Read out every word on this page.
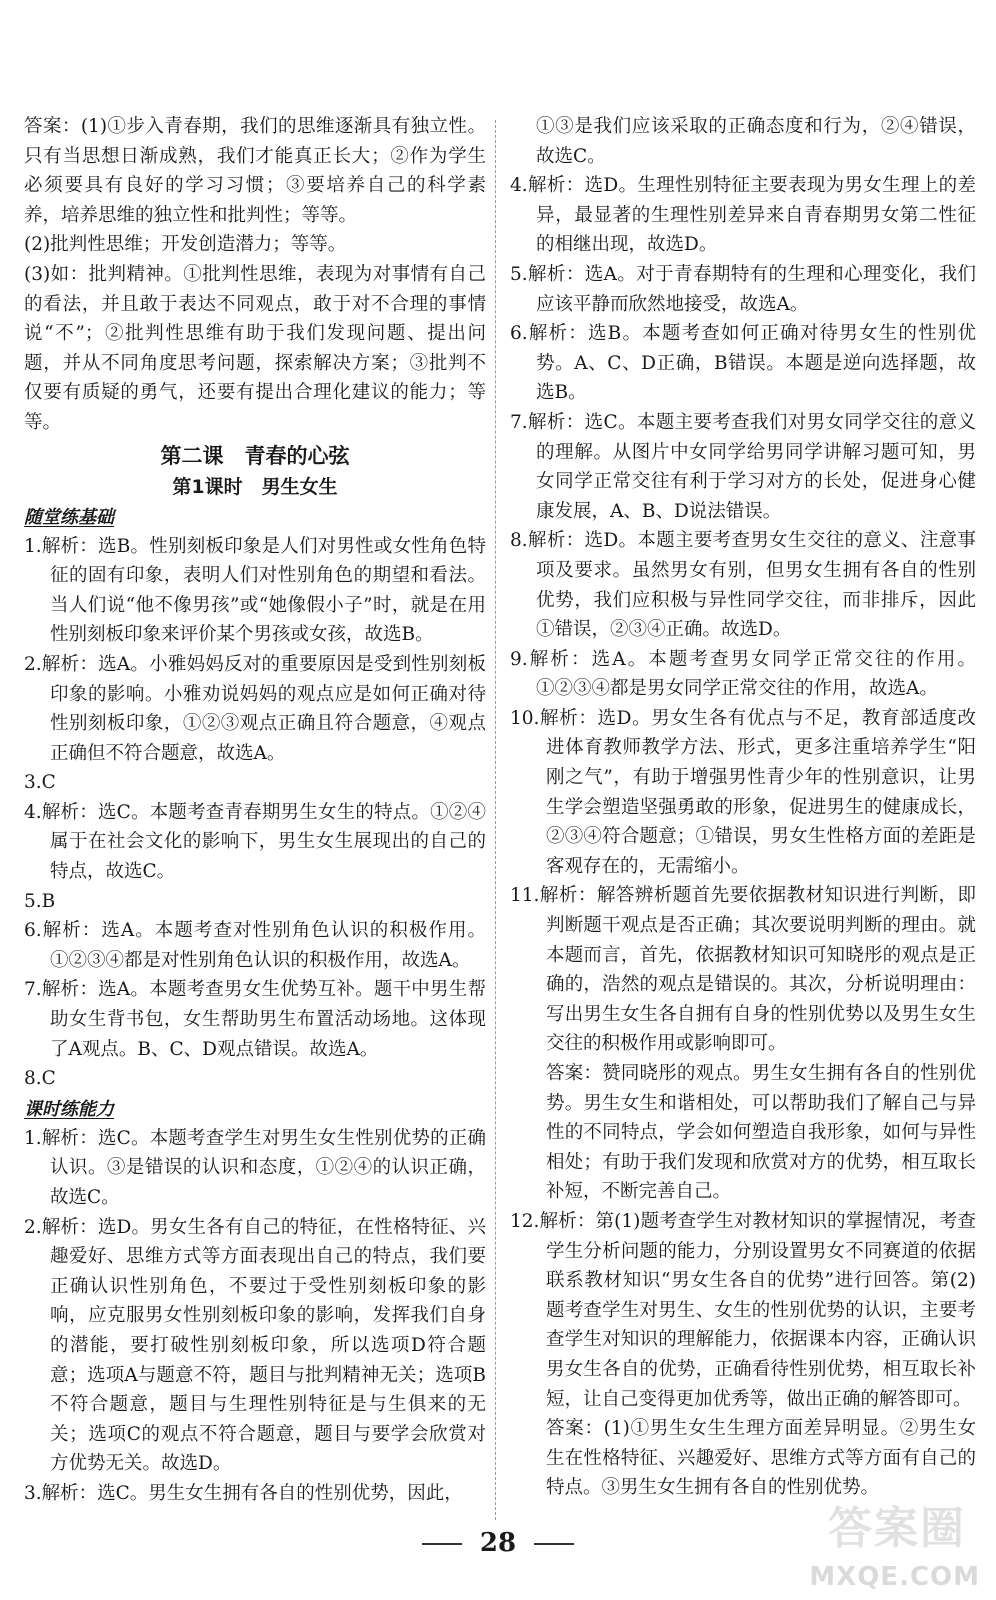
答案：(1)①步入青春期，我们的思维逐渐具有独立性。只有当思想日渐成熟，我们才能真正长大；②作为学生必须要具有良好的学习习惯；③要培养自己的科学素养，培养思维的独立性和批判性；等等。

(2)批判性思维；开发创造潜力；等等。

(3)如：批判精神。①批判性思维，表现为对事情有自己的看法，并且敢于表达不同观点，敢于对不合理的事情说“不”；②批判性思维有助于我们发现问题、提出问题，并从不同角度思考问题，探索解决方案；③批判不仅要有质疑的勇气，还要有提出合理化建议的能力；等等。

第二课　青春的心弦
第1课时　男生女生
随堂练基础

1.解析：选B。性别刻板印象是人们对男性或女性角色特征的固有印象，表明人们对性别角色的期望和看法。当人们说“他不像男孩”或“她像假小子”时，就是在用性别刻板印象来评价某个男孩或女孩，故选B。

2.解析：选A。小雅妈妈反对的重要原因是受到性别刻板印象的影响。小雅劝说妈妈的观点应是如何正确对待性别刻板印象，①②③观点正确且符合题意，④观点正确但不符合题意，故选A。

3.C

4.解析：选C。本题考查青春期男生女生的特点。①②④属于在社会文化的影响下，男生女生展现出的自己的特点，故选C。

5.B

6.解析：选A。本题考查对性别角色认识的积极作用。①②③④都是对性别角色认识的积极作用，故选A。

7.解析：选A。本题考查男女生优势互补。题干中男生帮助女生背书包，女生帮助男生布置活动场地。这体现了A观点。B、C、D观点错误。故选A。

8.C

课时练能力

1.解析：选C。本题考查学生对男生女生性别优势的正确认识。③是错误的认识和态度，①②④的认识正确，故选C。

2.解析：选D。男女生各有自己的特征，在性格特征、兴趣爱好、思维方式等方面表现出自己的特点，我们要正确认识性别角色，不要过于受性别刻板印象的影响，应克服男女性别刻板印象的影响，发挥我们自身的潜能，要打破性别刻板印象，所以选项D符合题意；选项A与题意不符，题目与批判精神无关；选项B不符合题意，题目与生理性别特征是与生俱来的无关；选项C的观点不符合题意，题目与要学会欣赏对方优势无关。故选D。

3.解析：选C。男生女生拥有各自的性别优势，因此，

①③是我们应该采取的正确态度和行为，②④错误，故选C。

4.解析：选D。生理性别特征主要表现为男女生理上的差异，最显著的生理性别差异来自青春期男女第二性征的相继出现，故选D。

5.解析：选A。对于青春期特有的生理和心理变化，我们应该平静而欣然地接受，故选A。

6.解析：选B。本题考查如何正确对待男女生的性别优势。A、C、D正确，B错误。本题是逆向选择题，故选B。

7.解析：选C。本题主要考查我们对男女同学交往的意义的理解。从图片中女同学给男同学讲解习题可知，男女同学正常交往有利于学习对方的长处，促进身心健康发展，A、B、D说法错误。

8.解析：选D。本题主要考查男女生交往的意义、注意事项及要求。虽然男女有别，但男女生拥有各自的性别优势，我们应积极与异性同学交往，而非排斥，因此①错误，②③④正确。故选D。

9.解析：选A。本题考查男女同学正常交往的作用。①②③④都是男女同学正常交往的作用，故选A。

10.解析：选D。男女生各有优点与不足，教育部适度改进体育教师教学方法、形式，更多注重培养学生“阳刚之气”，有助于增强男性青少年的性别意识，让男生学会塑造坚强勇敢的形象，促进男生的健康成长，②③④符合题意；①错误，男女生性格方面的差距是客观存在的，无需缩小。

11.解析：解答辨析题首先要依据教材知识进行判断，即判断题干观点是否正确；其次要说明判断的理由。就本题而言，首先，依据教材知识可知晓彤的观点是正确的，浩然的观点是错误的。其次，分析说明理由：写出男生女生各自拥有自身的性别优势以及男生女生交往的积极作用或影响即可。

答案：赞同晓彤的观点。男生女生拥有各自的性别优势。男生女生和谐相处，可以帮助我们了解自己与异性的不同特点，学会如何塑造自我形象，如何与异性相处；有助于我们发现和欣赏对方的优势，相互取长补短，不断完善自己。

12.解析：第(1)题考查学生对教材知识的掌握情况，考查学生分析问题的能力，分别设置男女不同赛道的依据联系教材知识“男女生各自的优势”进行回答。第(2)题考查学生对男生、女生的性别优势的认识，主要考查学生对知识的理解能力，依据课本内容，正确认识男女生各自的优势，正确看待性别优势，相互取长补短，让自己变得更加优秀等，做出正确的解答即可。

答案：(1)①男生女生生理方面差异明显。②男生女生在性格特征、兴趣爱好、思维方式等方面有自己的特点。③男生女生拥有各自的性别优势。

28	答案圈
MXQE.COM
